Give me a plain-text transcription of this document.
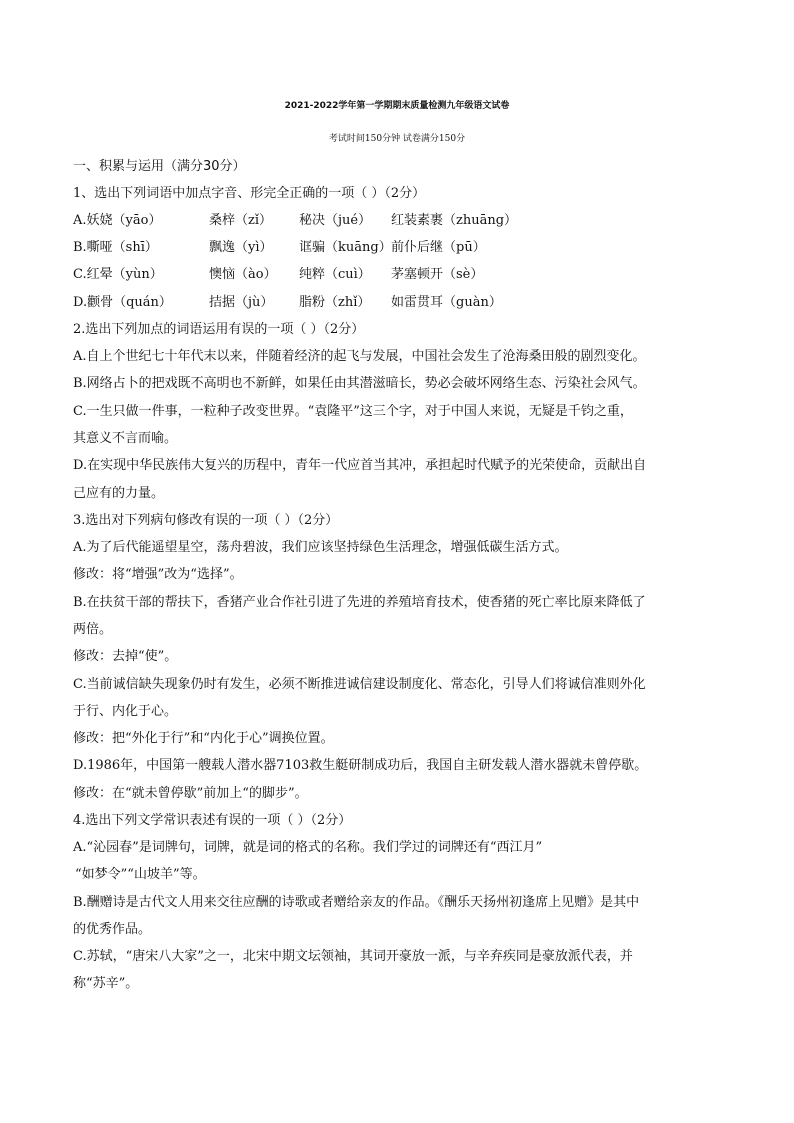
2021-2022学年第一学期期末质量检测九年级语文试卷
考试时间150分钟 试卷满分150分
一、积累与运用（满分30分）
1、选出下列词语中加点字音、形完全正确的一项（ ）（2分）
A.妖娆（yāo）	桑梓（zǐ） 秘决（jué） 红装素裹（zhuāng）
B.嘶哑（shī）	飘逸（yì） 诓骗（kuāng） 前仆后继（pū）
C.红晕（yùn）	懊恼（ào） 纯粹（cuì） 茅塞顿开（sè）
D.颧骨（quán）	拮据（jù） 脂粉（zhǐ） 如雷贯耳（guàn）
2.选出下列加点的词语运用有误的一项（ ）（2分）
A.自上个世纪七十年代末以来，伴随着经济的起飞与发展，中国社会发生了沧海桑田般的剧烈变化。
B.网络占卜的把戏既不高明也不新鲜，如果任由其潜滋暗长，势必会破坏网络生态、污染社会风气。
C.一生只做一件事，一粒种子改变世界。“袁隆平”这三个字，对于中国人来说，无疑是千钧之重，
其意义不言而喻。
D.在实现中华民族伟大复兴的历程中，青年一代应首当其冲，承担起时代赋予的光荣使命，贡献出自
己应有的力量。
3.选出对下列病句修改有误的一项（ ）（2分）
A.为了后代能遥望星空，荡舟碧波，我们应该坚持绿色生活理念，增强低碳生活方式。
修改：将“增强”改为“选择”。
B.在扶贫干部的帮扶下，香猪产业合作社引进了先进的养殖培育技术，使香猪的死亡率比原来降低了
两倍。
修改：去掉“使”。
C.当前诚信缺失现象仍时有发生，必须不断推进诚信建设制度化、常态化，引导人们将诚信准则外化
于行、内化于心。
修改：把“外化于行”和“内化于心”调换位置。
D.1986年，中国第一艘载人潜水器7103救生艇研制成功后，我国自主研发载人潜水器就未曾停歇。
修改：在“就未曾停歇”前加上“的脚步”。
4.选出下列文学常识表述有误的一项（ ）（2分）
A.“沁园春”是词牌句，词牌，就是词的格式的名称。我们学过的词牌还有“西江月”
“如梦令”“山坡羊”等。
B.酬赠诗是古代文人用来交往应酬的诗歌或者赠给亲友的作品。《酬乐天扬州初逢席上见赠》是其中
的优秀作品。
C.苏轼，“唐宋八大家”之一，北宋中期文坛领袖，其词开豪放一派，与辛弃疾同是豪放派代表，并
称“苏辛”。
